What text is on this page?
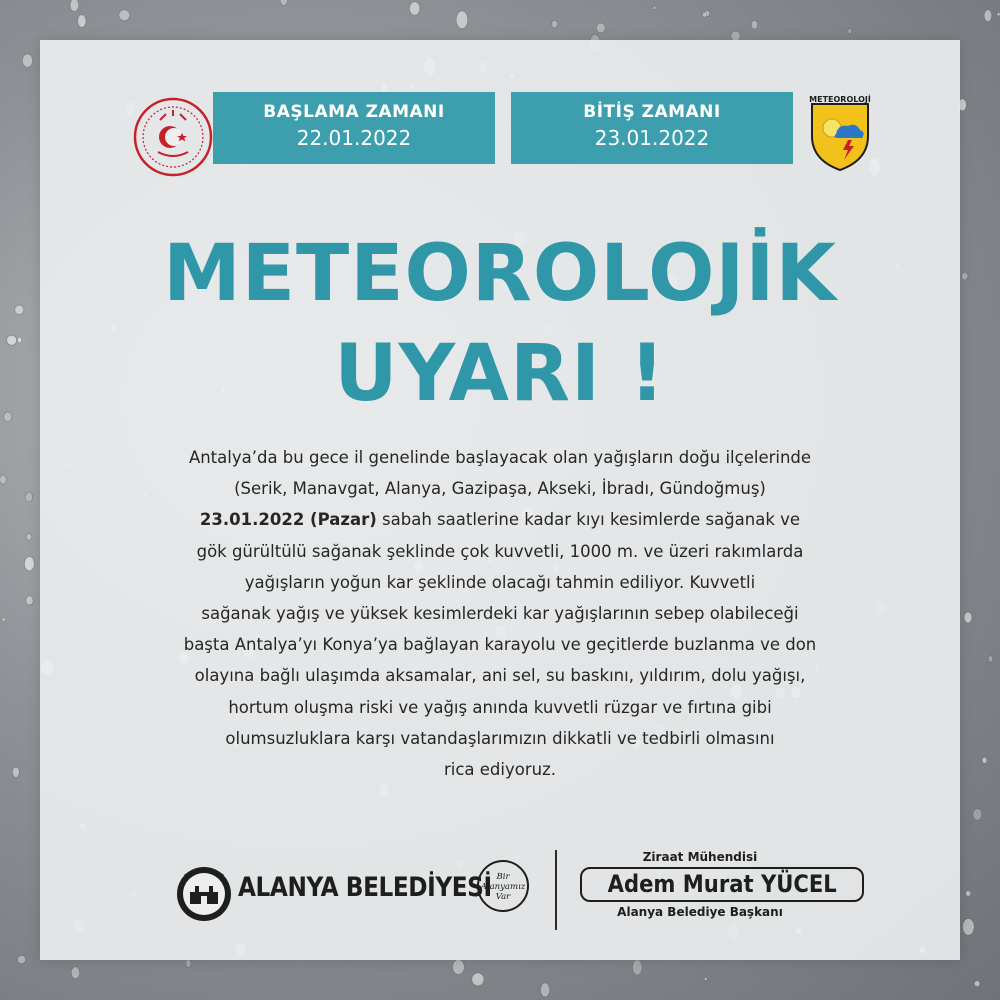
BAŞLAMA ZAMANI
22.01.2022
BİTİŞ ZAMANI
23.01.2022
METEOROLOJİ
METEOROLOJİK
UYARI !
Antalya’da bu gece il genelinde başlayacak olan yağışların doğu ilçelerinde
(Serik, Manavgat, Alanya, Gazipaşa, Akseki, İbradı, Gündoğmuş)
23.01.2022 (Pazar) sabah saatlerine kadar kıyı kesimlerde sağanak ve
gök gürültülü sağanak şeklinde çok kuvvetli, 1000 m. ve üzeri rakımlarda
yağışların yoğun kar şeklinde olacağı tahmin ediliyor. Kuvvetli
sağanak yağış ve yüksek kesimlerdeki kar yağışlarının sebep olabileceği
başta Antalya’yı Konya’ya bağlayan karayolu ve geçitlerde buzlanma ve don
olayına bağlı ulaşımda aksamalar, ani sel, su baskını, yıldırım, dolu yağışı,
hortum oluşma riski ve yağış anında kuvvetli rüzgar ve fırtına gibi
olumsuzluklara karşı vatandaşlarımızın dikkatli ve tedbirli olmasını
rica ediyoruz.
ALANYA BELEDİYESİ Bir
Alanyamız
Var
Ziraat Mühendisi
Adem Murat YÜCEL
Alanya Belediye Başkanı
